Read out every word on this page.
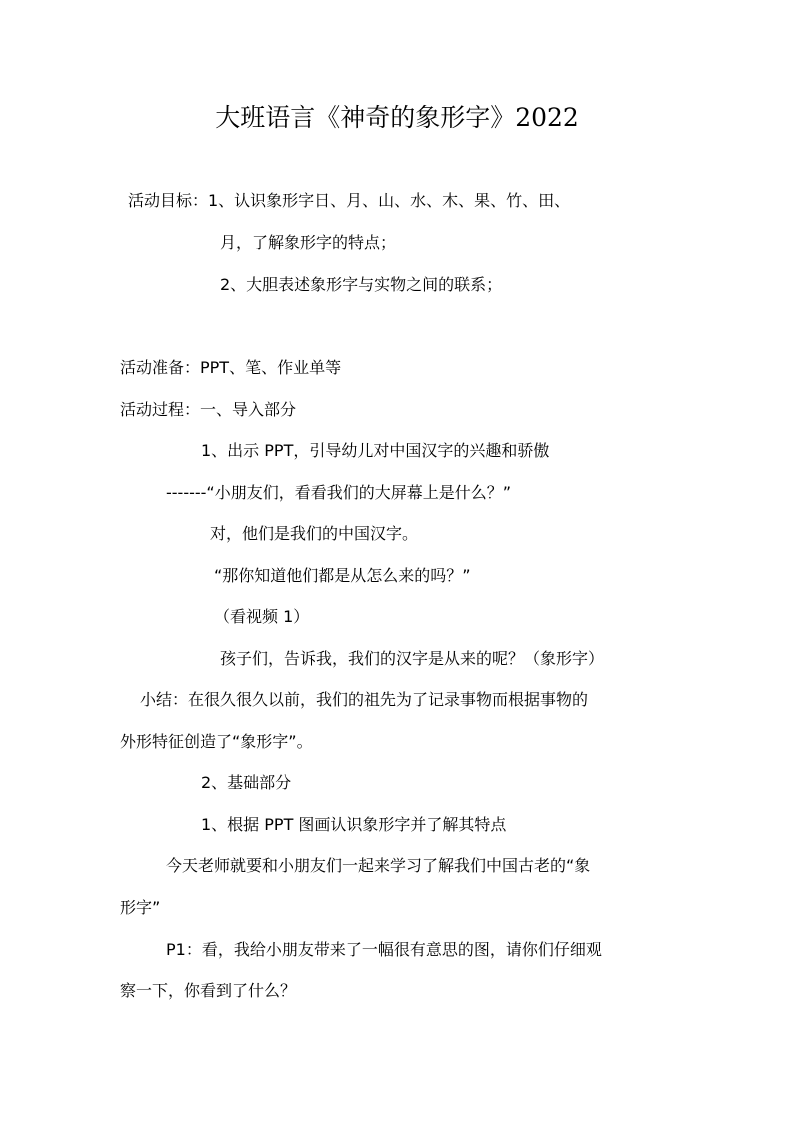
大班语言《神奇的象形字》2022
活动目标：1、认识象形字日、月、山、水、木、果、竹、田、
月，了解象形字的特点；
2、大胆表述象形字与实物之间的联系；
活动准备：PPT、笔、作业单等
活动过程：一、导入部分
1、出示 PPT，引导幼儿对中国汉字的兴趣和骄傲
-------“小朋友们，看看我们的大屏幕上是什么？”
对，他们是我们的中国汉字。
“那你知道他们都是从怎么来的吗？”
（看视频 1）
孩子们，告诉我，我们的汉字是从来的呢？（象形字）
小结：在很久很久以前，我们的祖先为了记录事物而根据事物的
外形特征创造了“象形字”。
2、基础部分
1、根据 PPT 图画认识象形字并了解其特点
今天老师就要和小朋友们一起来学习了解我们中国古老的“象
形字”
P1：看，我给小朋友带来了一幅很有意思的图，请你们仔细观
察一下，你看到了什么？
